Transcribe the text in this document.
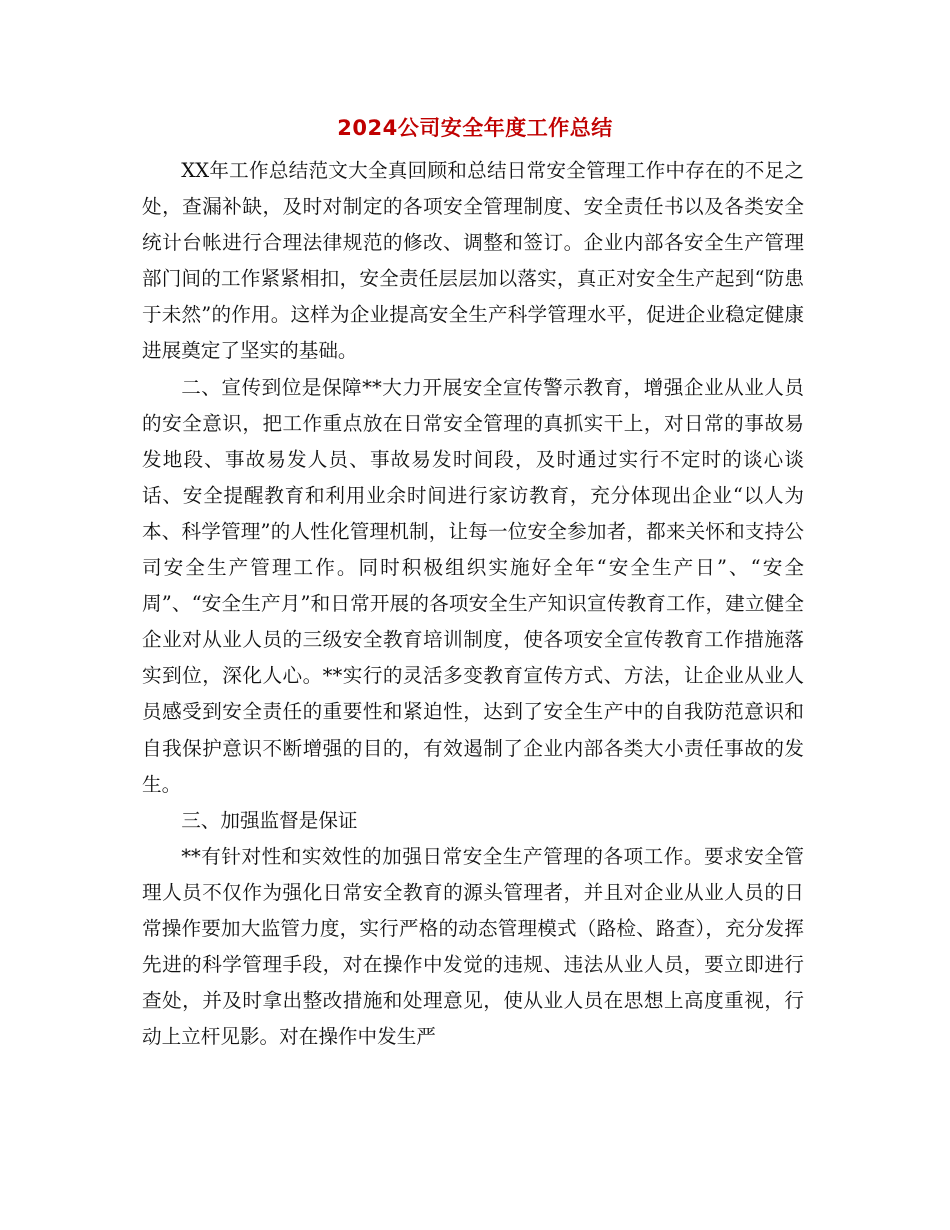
2024公司安全年度工作总结

XX年工作总结范文大全真回顾和总结日常安全管理工作中存在的不足之处，查漏补缺，及时对制定的各项安全管理制度、安全责任书以及各类安全统计台帐进行合理法律规范的修改、调整和签订。企业内部各安全生产管理部门间的工作紧紧相扣，安全责任层层加以落实，真正对安全生产起到“防患于未然”的作用。这样为企业提高安全生产科学管理水平，促进企业稳定健康进展奠定了坚实的基础。

二、宣传到位是保障**大力开展安全宣传警示教育，增强企业从业人员的安全意识，把工作重点放在日常安全管理的真抓实干上，对日常的事故易发地段、事故易发人员、事故易发时间段，及时通过实行不定时的谈心谈话、安全提醒教育和利用业余时间进行家访教育，充分体现出企业“以人为本、科学管理”的人性化管理机制，让每一位安全参加者，都来关怀和支持公司安全生产管理工作。同时积极组织实施好全年“安全生产日”、“安全周”、“安全生产月”和日常开展的各项安全生产知识宣传教育工作，建立健全企业对从业人员的三级安全教育培训制度，使各项安全宣传教育工作措施落实到位，深化人心。**实行的灵活多变教育宣传方式、方法，让企业从业人员感受到安全责任的重要性和紧迫性，达到了安全生产中的自我防范意识和自我保护意识不断增强的目的，有效遏制了企业内部各类大小责任事故的发生。

三、加强监督是保证

**有针对性和实效性的加强日常安全生产管理的各项工作。要求安全管理人员不仅作为强化日常安全教育的源头管理者，并且对企业从业人员的日常操作要加大监管力度，实行严格的动态管理模式（路检、路查），充分发挥先进的科学管理手段，对在操作中发觉的违规、违法从业人员，要立即进行查处，并及时拿出整改措施和处理意见，使从业人员在思想上高度重视，行动上立杆见影。对在操作中发生严
